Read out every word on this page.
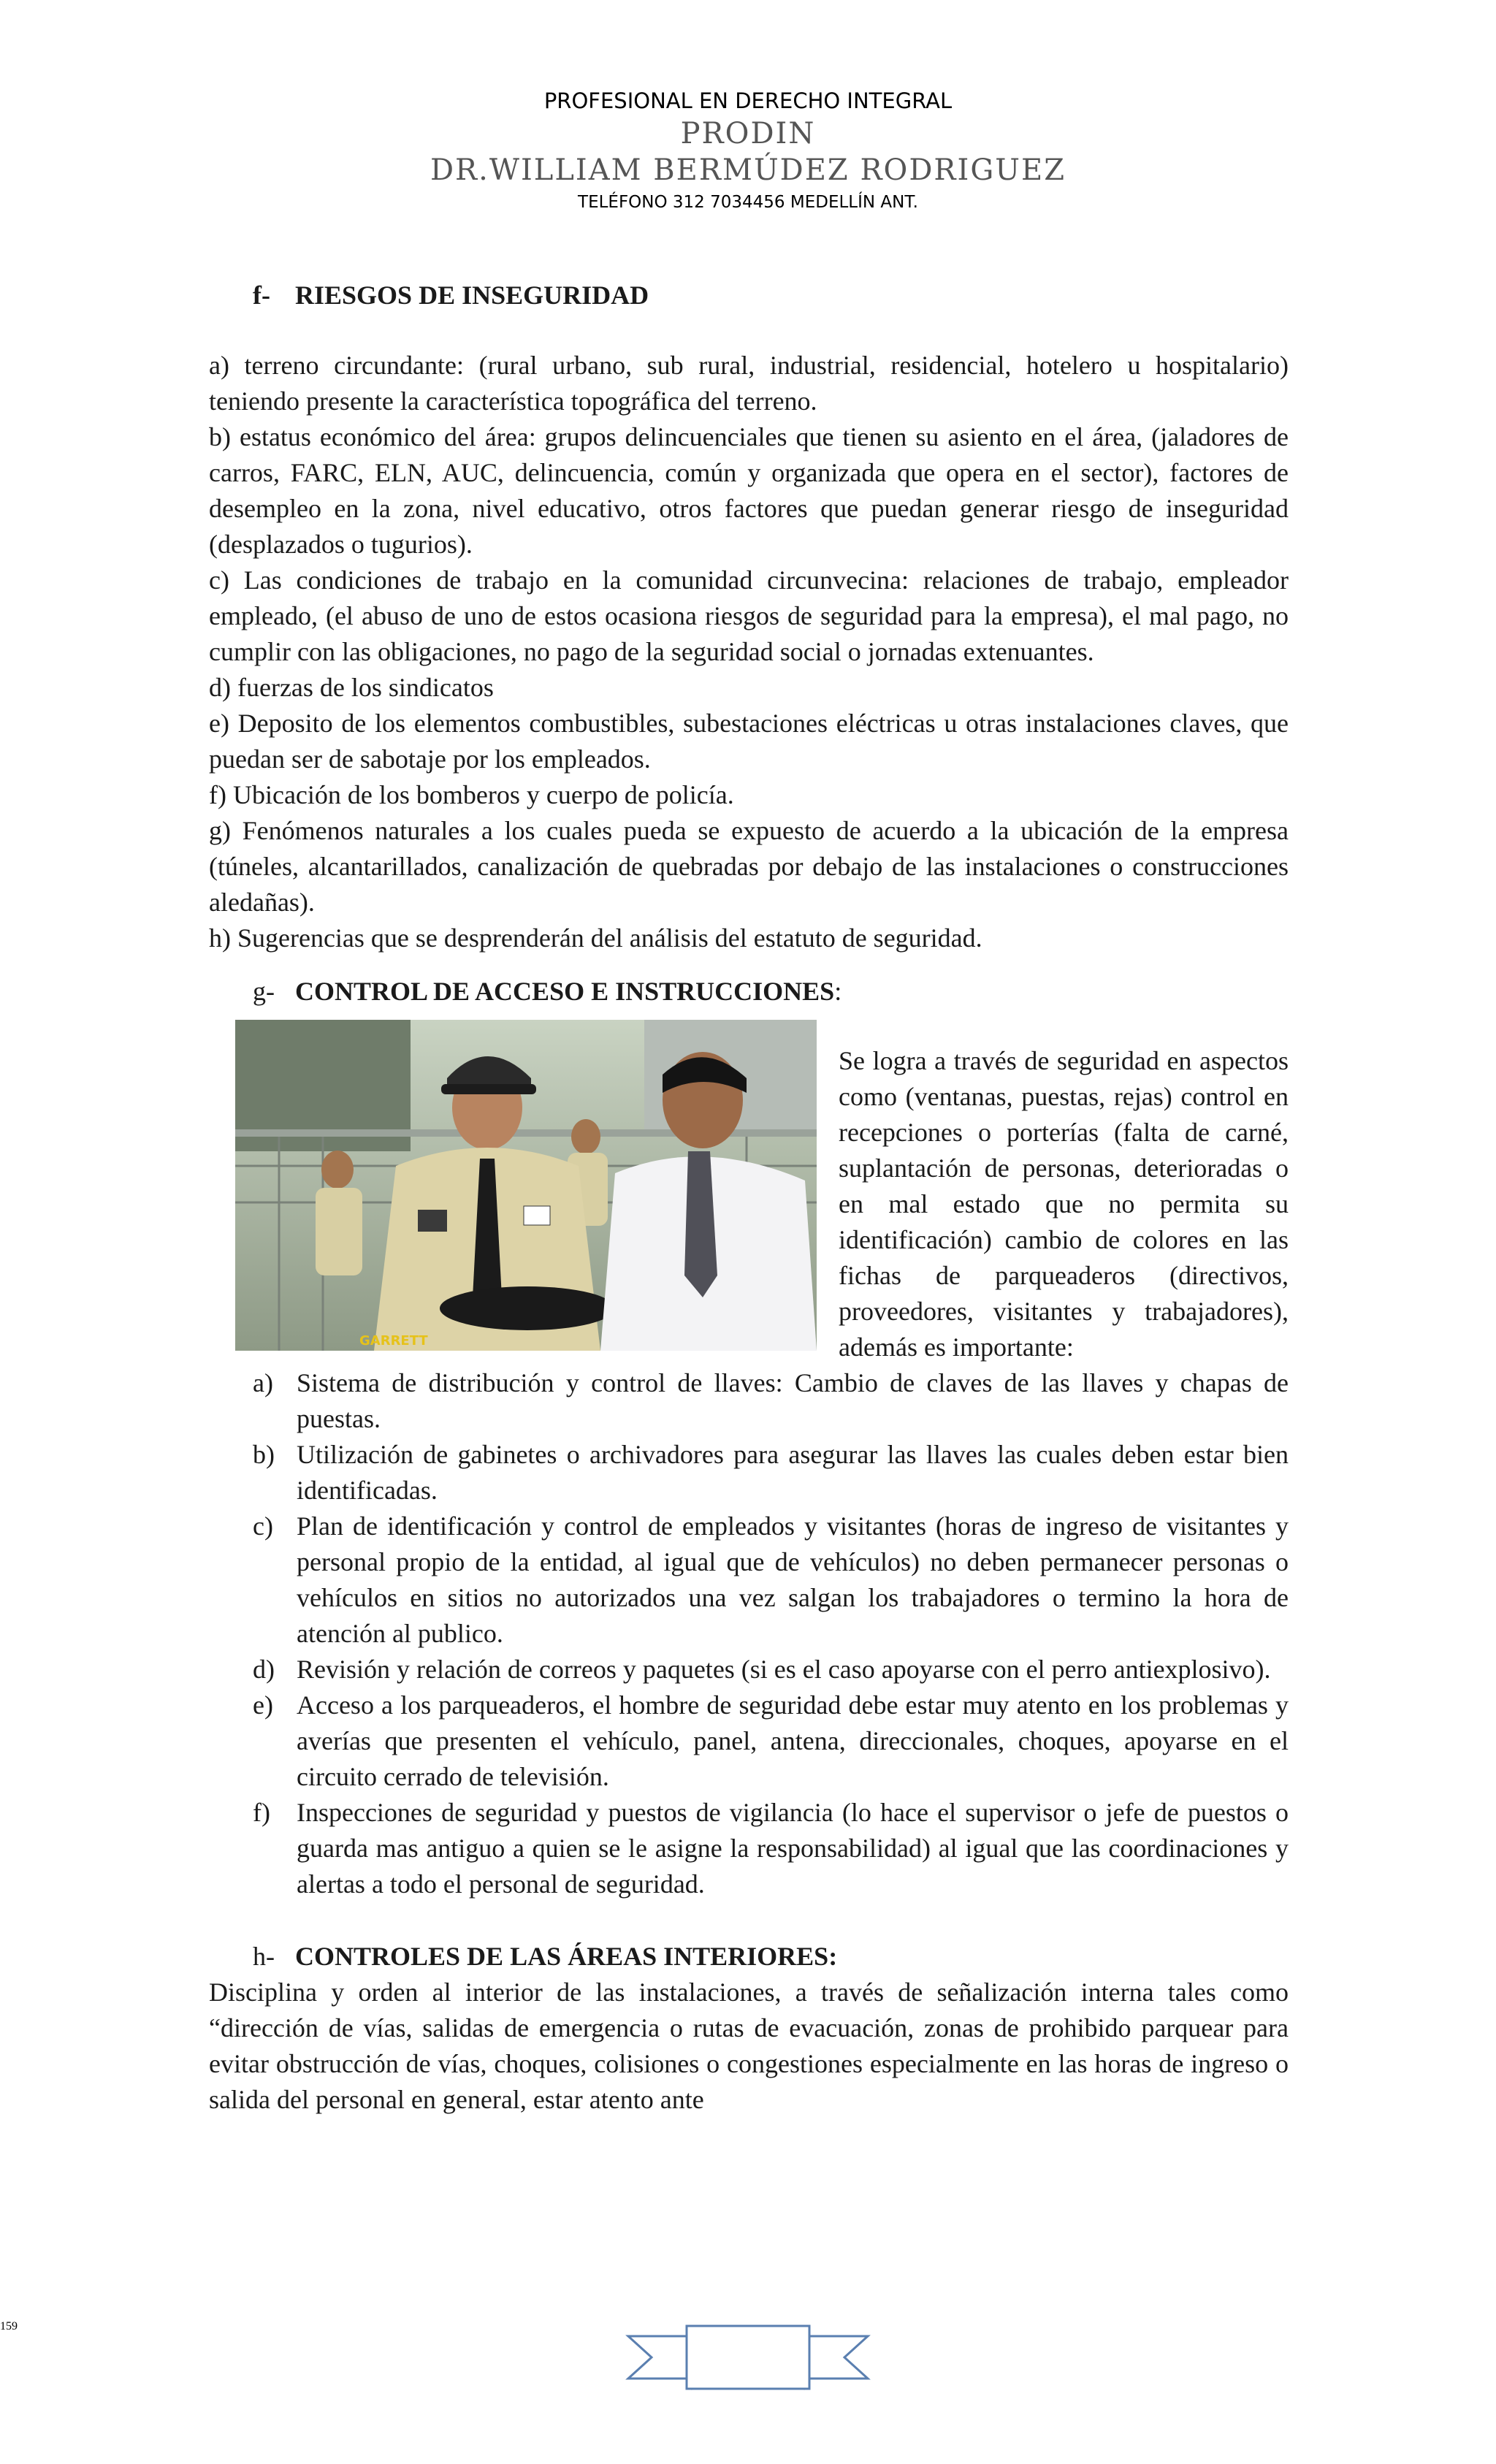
PROFESIONAL EN DERECHO INTEGRAL
PRODIN
DR.WILLIAM BERMÚDEZ RODRIGUEZ
TELÉFONO 312 7034456 MEDELLÍN ANT.
f- RIESGOS DE INSEGURIDAD

a) terreno circundante: (rural urbano, sub rural, industrial, residencial, hotelero u hospitalario) teniendo presente la característica topográfica del terreno.

b) estatus económico del área: grupos delincuenciales que tienen su asiento en el área, (jaladores de carros, FARC, ELN, AUC, delincuencia, común y organizada que opera en el sector), factores de desempleo en la zona, nivel educativo, otros factores que puedan generar riesgo de inseguridad (desplazados o tugurios).

c) Las condiciones de trabajo en la comunidad circunvecina: relaciones de trabajo, empleador empleado, (el abuso de uno de estos ocasiona riesgos de seguridad para la empresa), el mal pago, no cumplir con las obligaciones, no pago de la seguridad social o jornadas extenuantes.

d) fuerzas de los sindicatos

e) Deposito de los elementos combustibles, subestaciones eléctricas u otras instalaciones claves, que puedan ser de sabotaje por los empleados.

f) Ubicación de los bomberos y cuerpo de policía.

g) Fenómenos naturales a los cuales pueda se expuesto de acuerdo a la ubicación de la empresa (túneles, alcantarillados, canalización de quebradas por debajo de las instalaciones o construcciones aledañas).

h) Sugerencias que se desprenderán del análisis del estatuto de seguridad.

g- CONTROL DE ACCESO E INSTRUCCIONES:
GARRETT

Se logra a través de seguridad en aspectos como (ventanas, puestas, rejas) control en recepciones o porterías (falta de carné, suplantación de personas, deterioradas o en mal estado que no permita su identificación) cambio de colores en las fichas de parqueaderos (directivos, proveedores, visitantes y trabajadores), además es importante:

a) Sistema de distribución y control de llaves: Cambio de claves de las llaves y chapas de puestas.
b) Utilización de gabinetes o archivadores para asegurar las llaves las cuales deben estar bien identificadas.
c) Plan de identificación y control de empleados y visitantes (horas de ingreso de visitantes y personal propio de la entidad, al igual que de vehículos) no deben permanecer personas o vehículos en sitios no autorizados una vez salgan los trabajadores o termino la hora de atención al publico.
d) Revisión y relación de correos y paquetes (si es el caso apoyarse con el perro antiexplosivo).
e) Acceso a los parqueaderos, el hombre de seguridad debe estar muy atento en los problemas y averías que presenten el vehículo, panel, antena, direccionales, choques, apoyarse en el circuito cerrado de televisión.
f) Inspecciones de seguridad y puestos de vigilancia (lo hace el supervisor o jefe de puestos o guarda mas antiguo a quien se le asigne la responsabilidad) al igual que las coordinaciones y alertas a todo el personal de seguridad.
h- CONTROLES DE LAS ÁREAS INTERIORES:

Disciplina y orden al interior de las instalaciones, a través de señalización interna tales como “dirección de vías, salidas de emergencia o rutas de evacuación, zonas de prohibido parquear para evitar obstrucción de vías, choques, colisiones o congestiones especialmente en las horas de ingreso o salida del personal en general, estar atento ante

159
